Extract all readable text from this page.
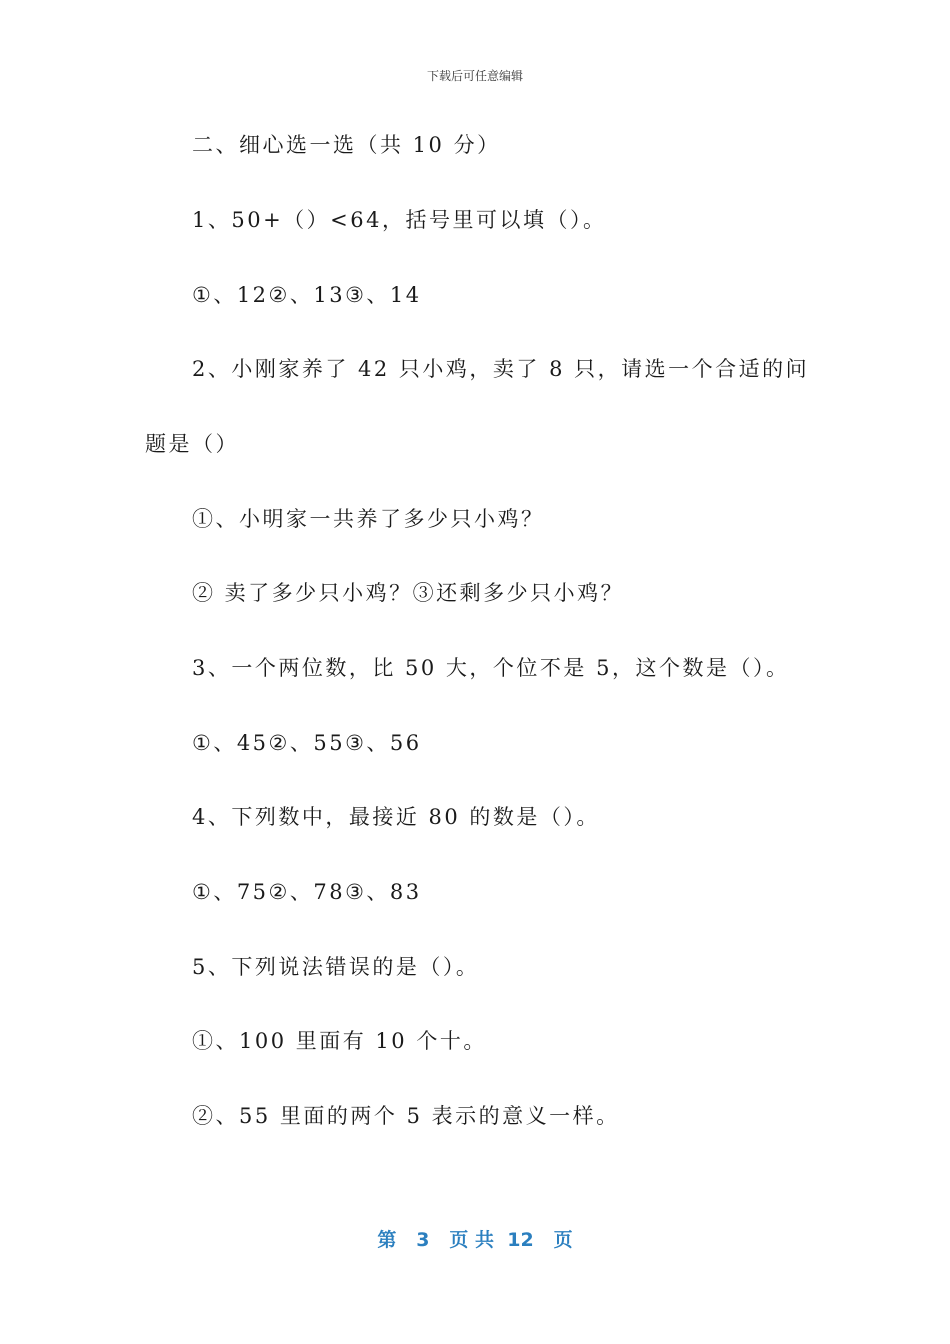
下载后可任意编辑
二、细心选一选（共 10 分）
1、50+（）<64，括号里可以填（）。
①、12②、13③、14
2、小刚家养了 42 只小鸡，卖了 8 只，请选一个合适的问
题是（）
①、小明家一共养了多少只小鸡？
② 卖了多少只小鸡？③还剩多少只小鸡？
3、一个两位数，比 50 大，个位不是 5，这个数是（）。
①、45②、55③、56
4、下列数中，最接近 80 的数是（）。
①、75②、78③、83
5、下列说法错误的是（）。
①、100 里面有 10 个十。
②、55 里面的两个 5 表示的意义一样。
第 3 页 共 12 页
